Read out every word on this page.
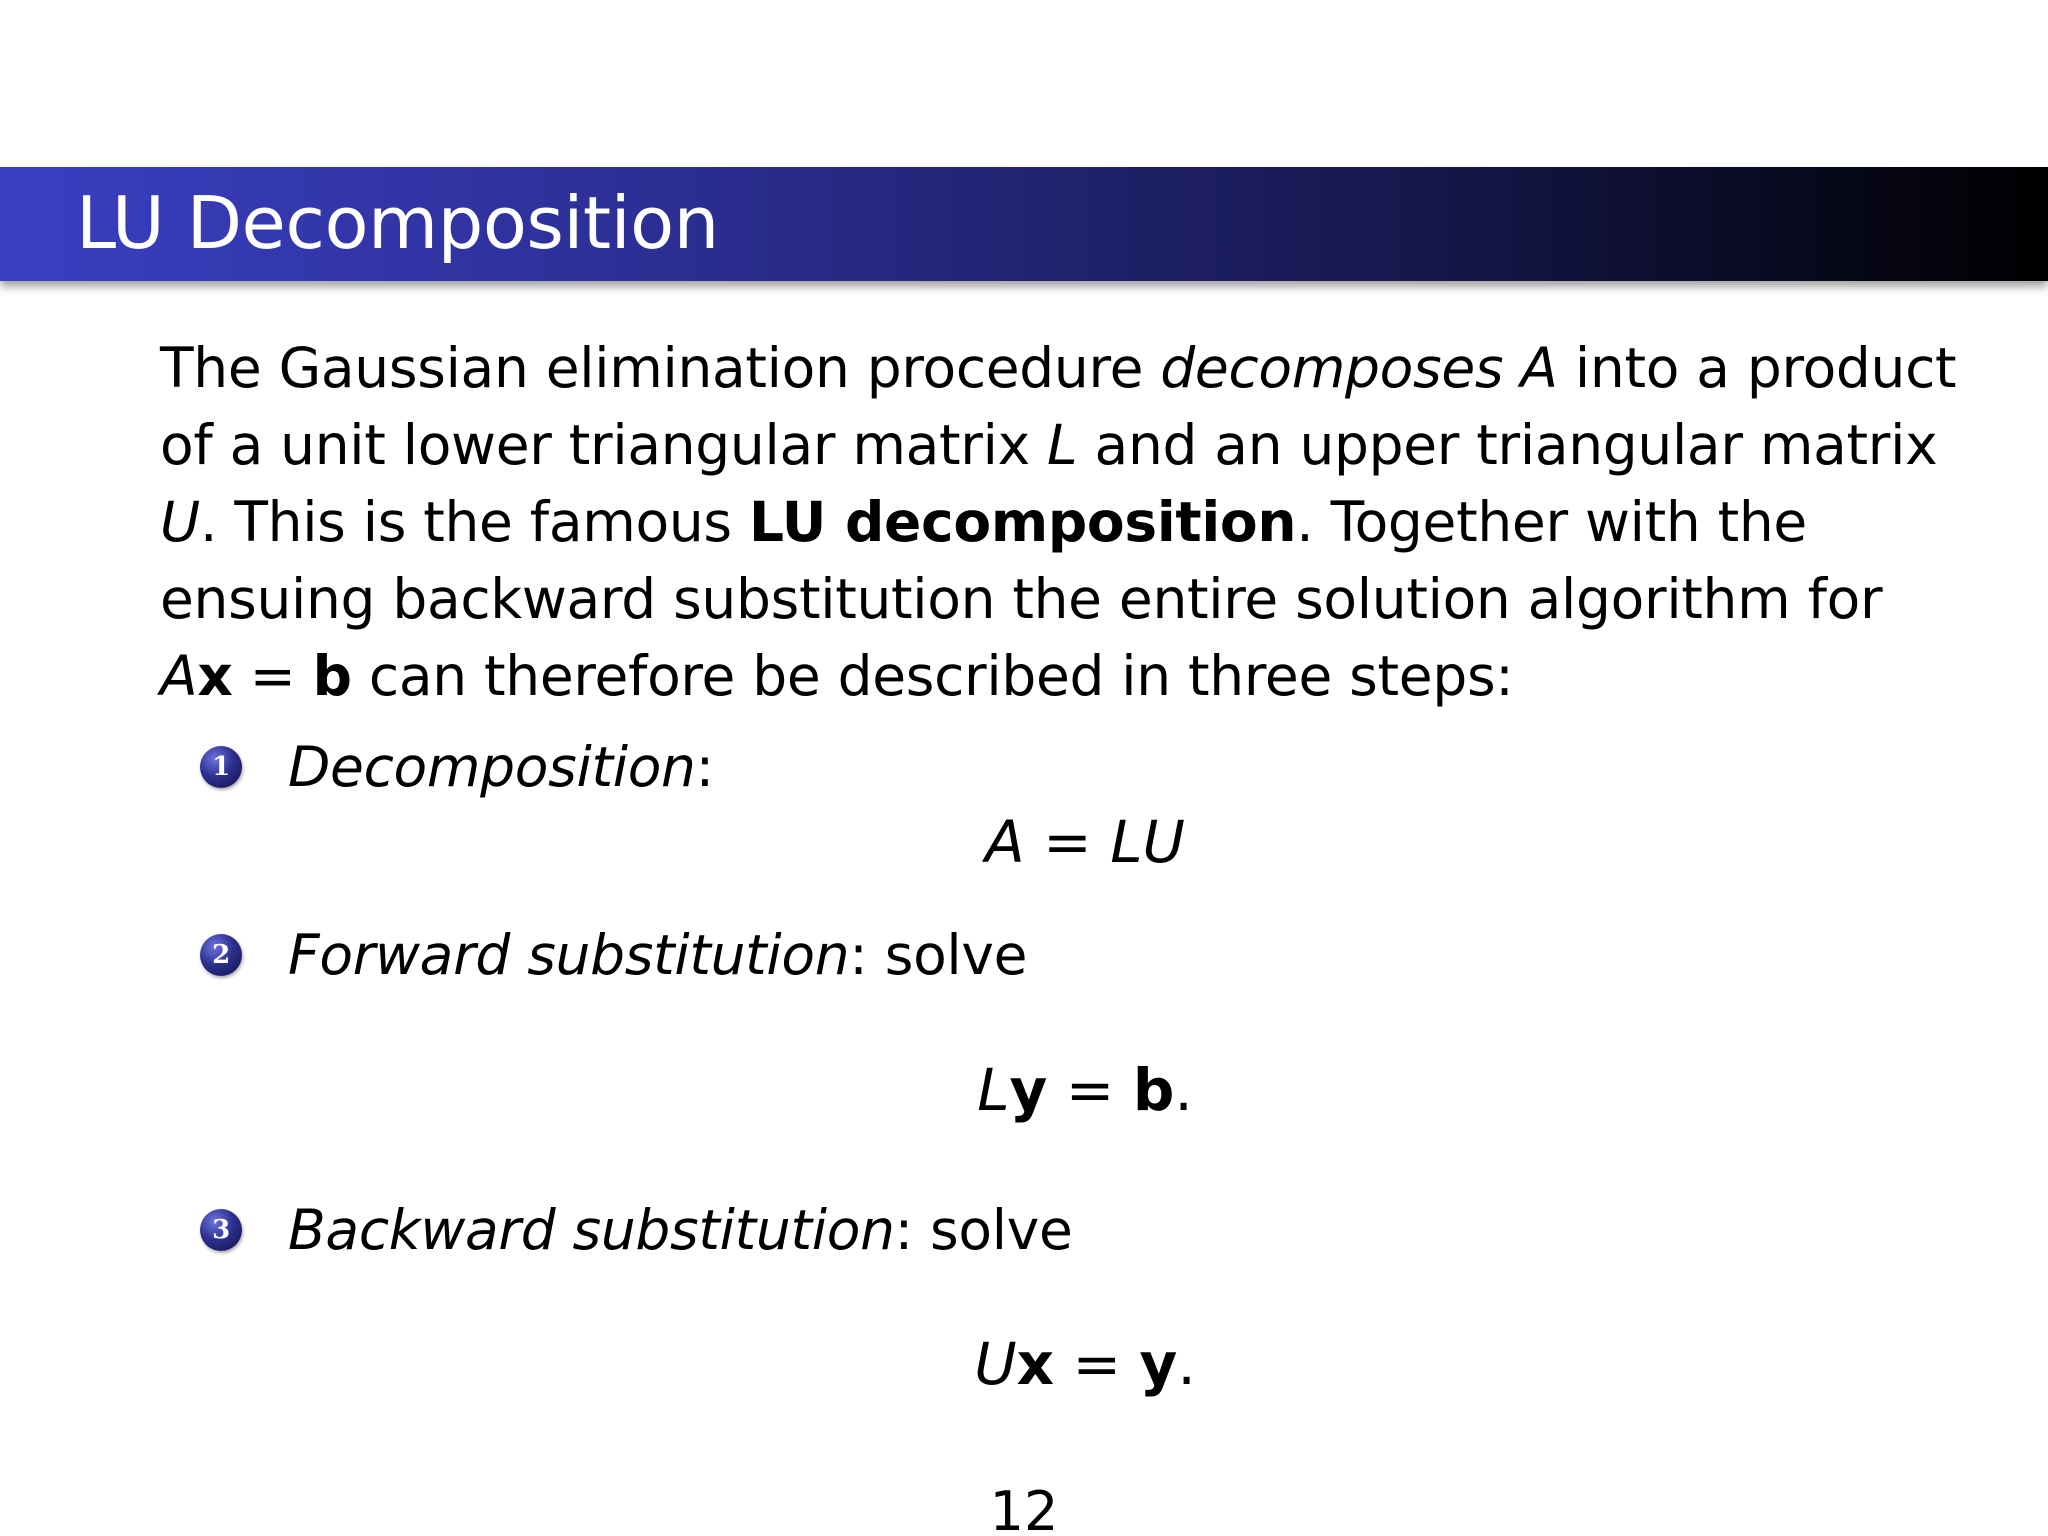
LU Decomposition
The Gaussian elimination procedure decomposes A into a product
of a unit lower triangular matrix L and an upper triangular matrix
U. This is the famous LU decomposition. Together with the
ensuing backward substitution the entire solution algorithm for
Ax = b can therefore be described in three steps:
1 Decomposition :
A = LU
2 Forward substitution : solve
Ly = b.
3 Backward substitution : solve
Ux = y.
12
